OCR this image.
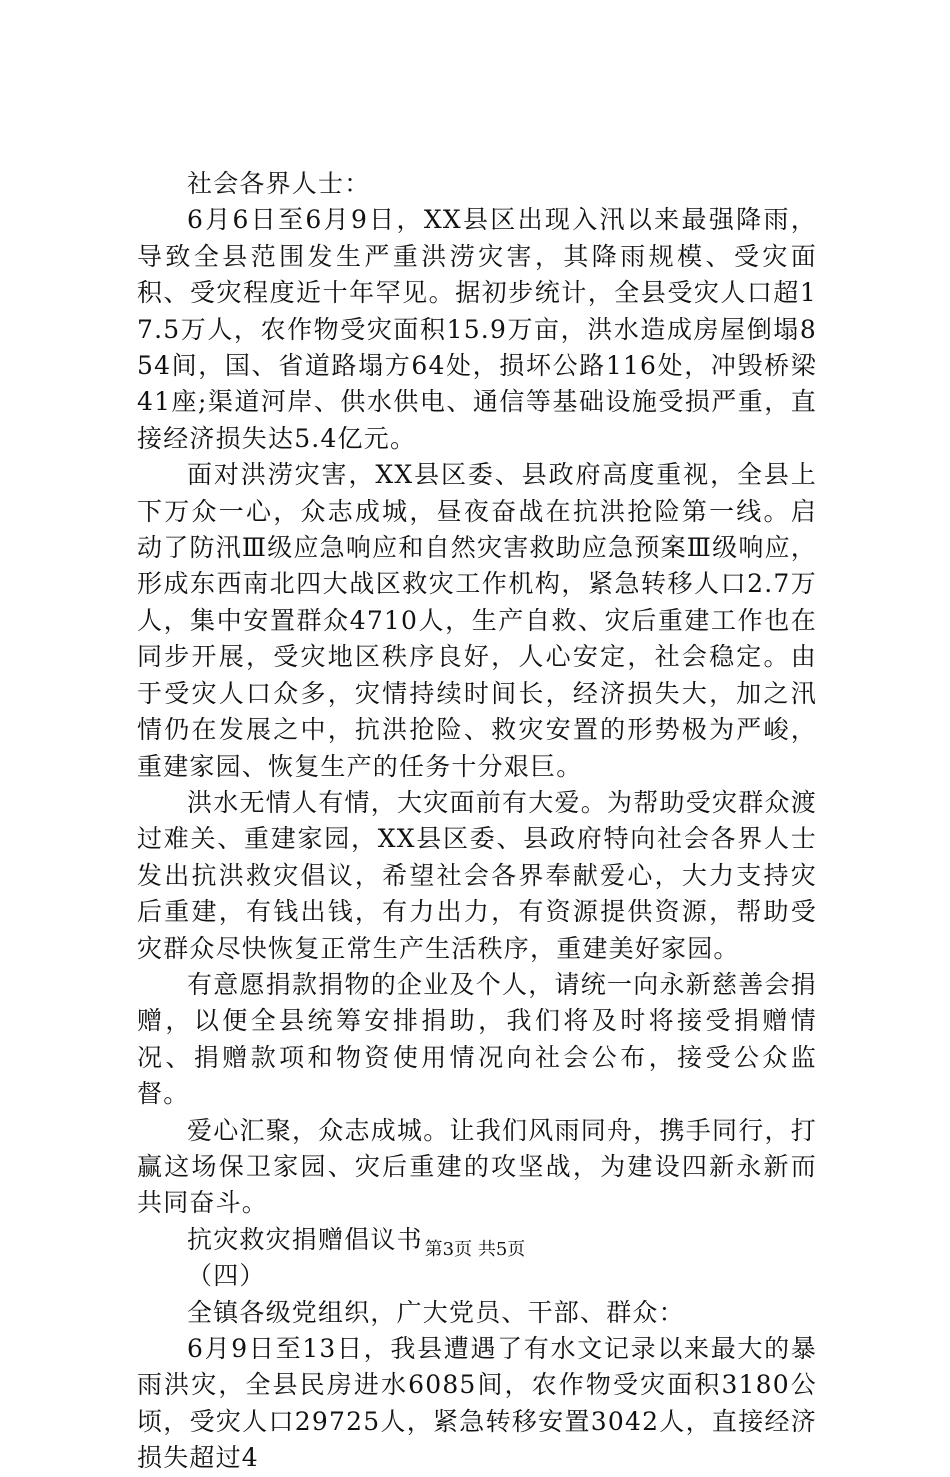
社会各界人士：

6月6日至6月9日，XX县区出现入汛以来最强降雨，导致全县范围发生严重洪涝灾害，其降雨规模、受灾面积、受灾程度近十年罕见。据初步统计，全县受灾人口超17.5万人，农作物受灾面积15.9万亩，洪水造成房屋倒塌854间，国、省道路塌方64处，损坏公路116处，冲毁桥梁41座;渠道河岸、供水供电、通信等基础设施受损严重，直接经济损失达5.4亿元。

面对洪涝灾害，XX县区委、县政府高度重视，全县上下万众一心，众志成城，昼夜奋战在抗洪抢险第一线。启动了防汛Ⅲ级应急响应和自然灾害救助应急预案Ⅲ级响应，形成东西南北四大战区救灾工作机构，紧急转移人口2.7万人，集中安置群众4710人，生产自救、灾后重建工作也在同步开展，受灾地区秩序良好，人心安定，社会稳定。由于受灾人口众多，灾情持续时间长，经济损失大，加之汛情仍在发展之中，抗洪抢险、救灾安置的形势极为严峻，重建家园、恢复生产的任务十分艰巨。

洪水无情人有情，大灾面前有大爱。为帮助受灾群众渡过难关、重建家园，XX县区委、县政府特向社会各界人士发出抗洪救灾倡议，希望社会各界奉献爱心，大力支持灾后重建，有钱出钱，有力出力，有资源提供资源，帮助受灾群众尽快恢复正常生产生活秩序，重建美好家园。

有意愿捐款捐物的企业及个人，请统一向永新慈善会捐赠，以便全县统筹安排捐助，我们将及时将接受捐赠情况、捐赠款项和物资使用情况向社会公布，接受公众监督。

爱心汇聚，众志成城。让我们风雨同舟，携手同行，打赢这场保卫家园、灾后重建的攻坚战，为建设四新永新而共同奋斗。

抗灾救灾捐赠倡议书

（四）

全镇各级党组织，广大党员、干部、群众：

6月9日至13日，我县遭遇了有水文记录以来最大的暴雨洪灾，全县民房进水6085间，农作物受灾面积3180公顷，受灾人口29725人，紧急转移安置3042人，直接经济损失超过4

第3页 共5页
